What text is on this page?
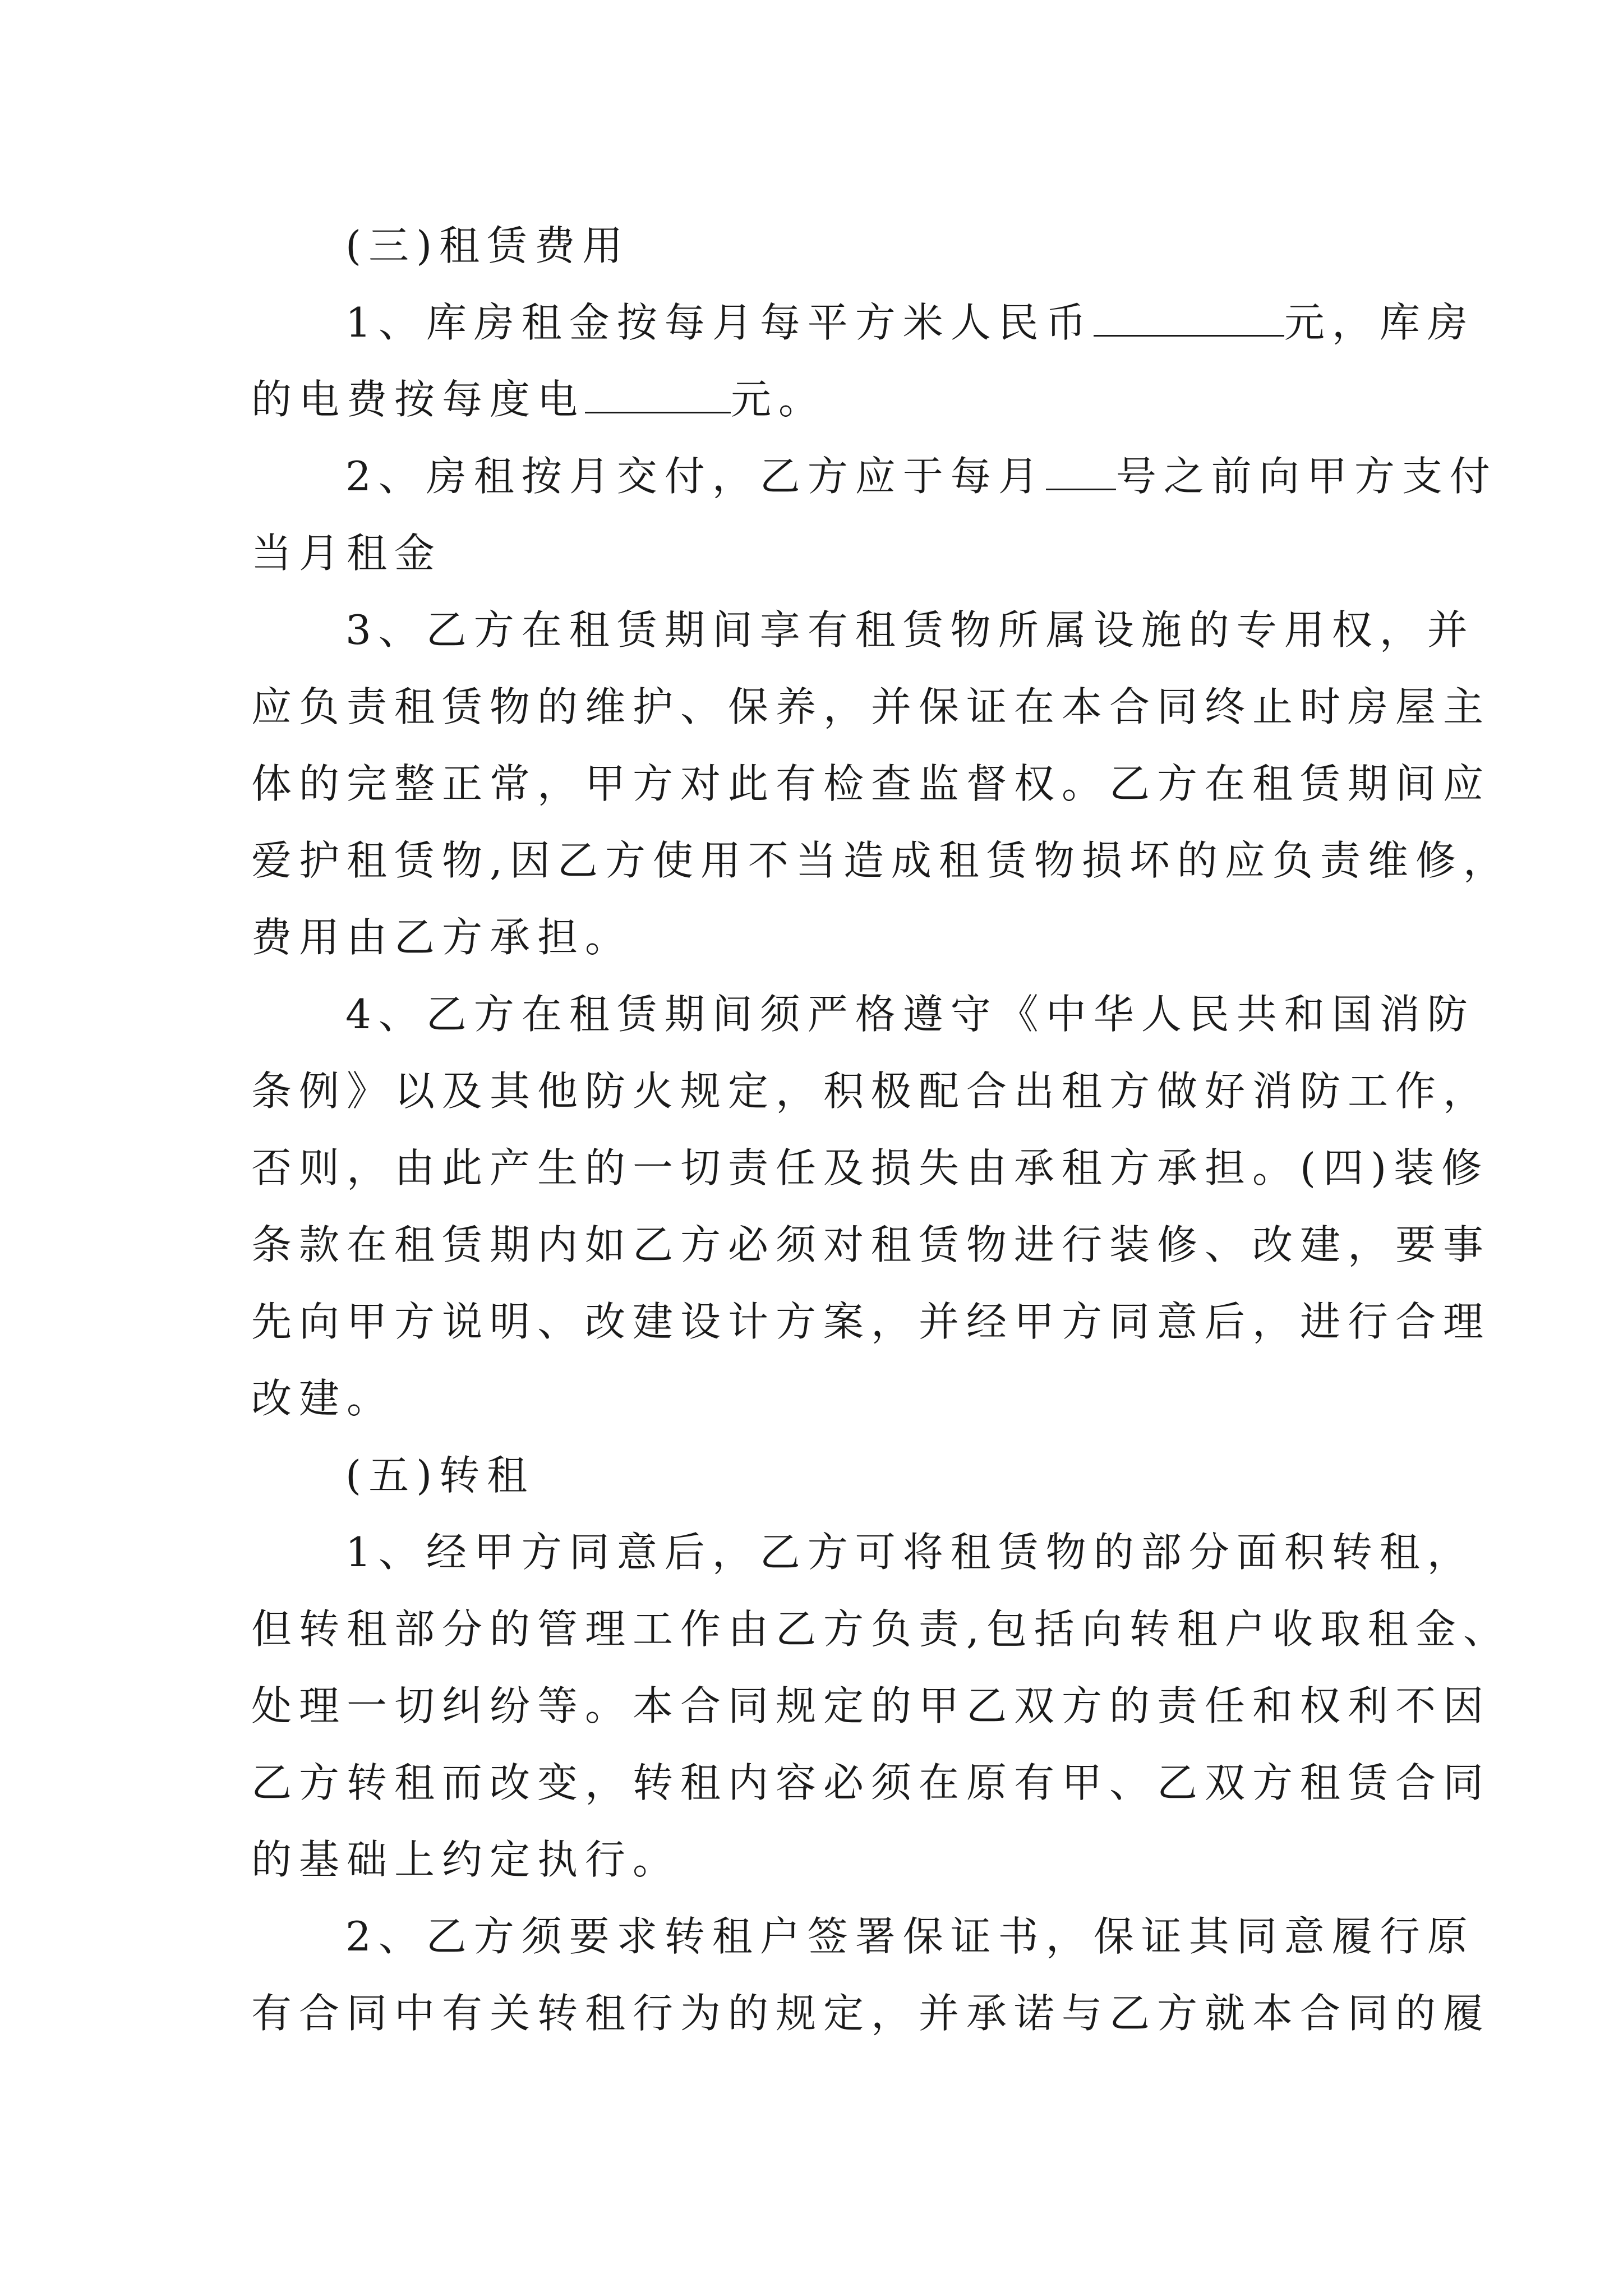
(三)租赁费用
1、库房租金按每月每平方米人民币	元，库房
的电费按每度电	元。
2、房租按月交付，乙方应于每月 号之前向甲方支付
当月租金
3、乙方在租赁期间享有租赁物所属设施的专用权，并
应负责租赁物的维护、保养，并保证在本合同终止时房屋主
体的完整正常，甲方对此有检查监督权。乙方在租赁期间应
爱护租赁物,因乙方使用不当造成租赁物损坏的应负责维修，
费用由乙方承担。
4、乙方在租赁期间须严格遵守《中华人民共和国消防
条例》以及其他防火规定，积极配合出租方做好消防工作，
否则，由此产生的一切责任及损失由承租方承担。(四)装修
条款在租赁期内如乙方必须对租赁物进行装修、改建，要事
先向甲方说明、改建设计方案，并经甲方同意后，进行合理
改建。
(五)转租
1、经甲方同意后，乙方可将租赁物的部分面积转租，
但转租部分的管理工作由乙方负责,包括向转租户收取租金、
处理一切纠纷等。本合同规定的甲乙双方的责任和权利不因
乙方转租而改变，转租内容必须在原有甲、乙双方租赁合同
的基础上约定执行。
2、乙方须要求转租户签署保证书，保证其同意履行原
有合同中有关转租行为的规定，并承诺与乙方就本合同的履
